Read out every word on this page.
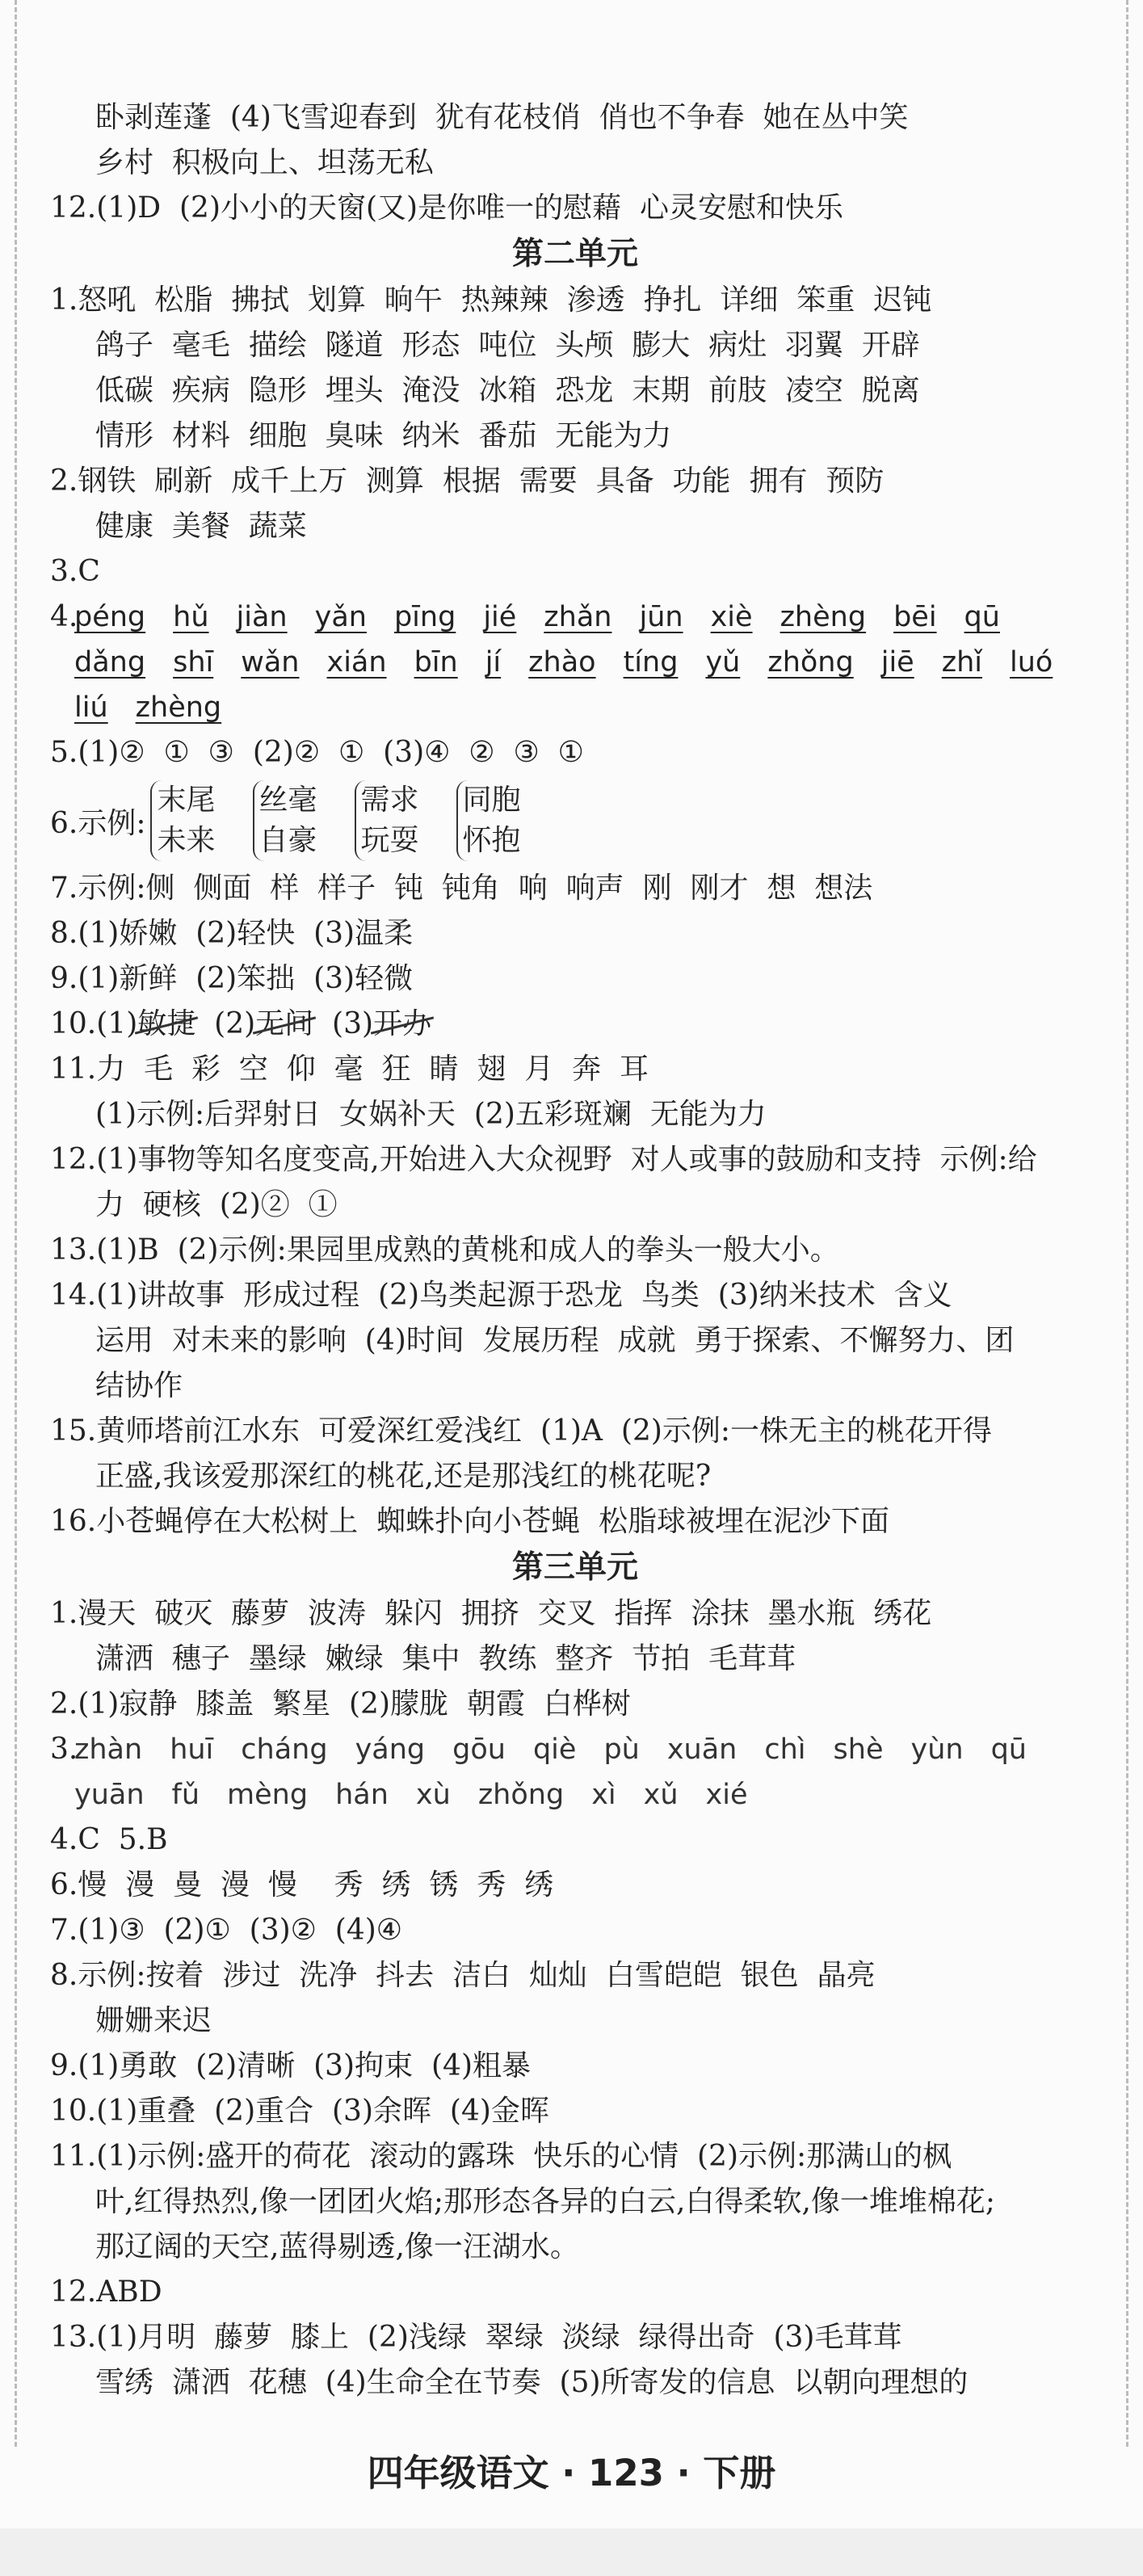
卧剥莲蓬  (4)飞雪迎春到  犹有花枝俏  俏也不争春  她在丛中笑
乡村  积极向上、坦荡无私
12.(1)D  (2)小小的天窗(又)是你唯一的慰藉  心灵安慰和快乐
第二单元
1.怒吼  松脂  拂拭  划算  晌午  热辣辣  渗透  挣扎  详细  笨重  迟钝
鸽子  毫毛  描绘  隧道  形态  吨位  头颅  膨大  病灶  羽翼  开辟
低碳  疾病  隐形  埋头  淹没  冰箱  恐龙  末期  前肢  凌空  脱离
情形  材料  细胞  臭味  纳米  番茄  无能为力
2.钢铁  刷新  成千上万  测算  根据  需要  具备  功能  拥有  预防
健康  美餐  蔬菜
3.C
4.
péng hǔ jiàn yǎn pīng jié zhǎn jūn xiè zhèng bēi qū
dǎng shī wǎn xián bīn jí zhào tíng yǔ zhǒng jiē zhǐ luó
liú zhèng
5.(1)②  ①  ③  (2)②  ①  (3)④  ②  ③  ①
6.示例:
末尾
未来
丝毫
自豪
需求
玩耍
同胞
怀抱
7.示例:侧  侧面  样  样子  钝  钝角  响  响声  刚  刚才  想  想法
8.(1)娇嫩  (2)轻快  (3)温柔
9.(1)新鲜  (2)笨拙  (3)轻微
10.(1)敏捷  (2)无间  (3)开办
11.力  毛  彩  空  仰  毫  狂  睛  翅  月  奔  耳
(1)示例:后羿射日  女娲补天  (2)五彩斑斓  无能为力
12.(1)事物等知名度变高,开始进入大众视野  对人或事的鼓励和支持  示例:给
力  硬核  (2)②  ①
13.(1)B  (2)示例:果园里成熟的黄桃和成人的拳头一般大小。
14.(1)讲故事  形成过程  (2)鸟类起源于恐龙  鸟类  (3)纳米技术  含义
运用  对未来的影响  (4)时间  发展历程  成就  勇于探索、不懈努力、团
结协作
15.黄师塔前江水东  可爱深红爱浅红  (1)A  (2)示例:一株无主的桃花开得
正盛,我该爱那深红的桃花,还是那浅红的桃花呢?
16.小苍蝇停在大松树上  蜘蛛扑向小苍蝇  松脂球被埋在泥沙下面
第三单元
1.漫天  破灭  藤萝  波涛  躲闪  拥挤  交叉  指挥  涂抹  墨水瓶  绣花
潇洒  穗子  墨绿  嫩绿  集中  教练  整齐  节拍  毛茸茸
2.(1)寂静  膝盖  繁星  (2)朦胧  朝霞  白桦树
3.
zhàn huī cháng yáng gōu qiè pù xuān chì shè yùn qū
yuān fǔ mèng hán xù zhǒng xì xǔ xié
4.C  5.B
6.慢  漫  曼  漫  慢    秀  绣  锈  秀  绣
7.(1)③  (2)①  (3)②  (4)④
8.示例:按着  涉过  洗净  抖去  洁白  灿灿  白雪皑皑  银色  晶亮
姗姗来迟
9.(1)勇敢  (2)清晰  (3)拘束  (4)粗暴
10.(1)重叠  (2)重合  (3)余晖  (4)金晖
11.(1)示例:盛开的荷花  滚动的露珠  快乐的心情  (2)示例:那满山的枫
叶,红得热烈,像一团团火焰;那形态各异的白云,白得柔软,像一堆堆棉花;
那辽阔的天空,蓝得剔透,像一汪湖水。
12.ABD
13.(1)月明  藤萝  膝上  (2)浅绿  翠绿  淡绿  绿得出奇  (3)毛茸茸
雪绣  潇洒  花穗  (4)生命全在节奏  (5)所寄发的信息  以朝向理想的
四年级语文 · 123 · 下册
